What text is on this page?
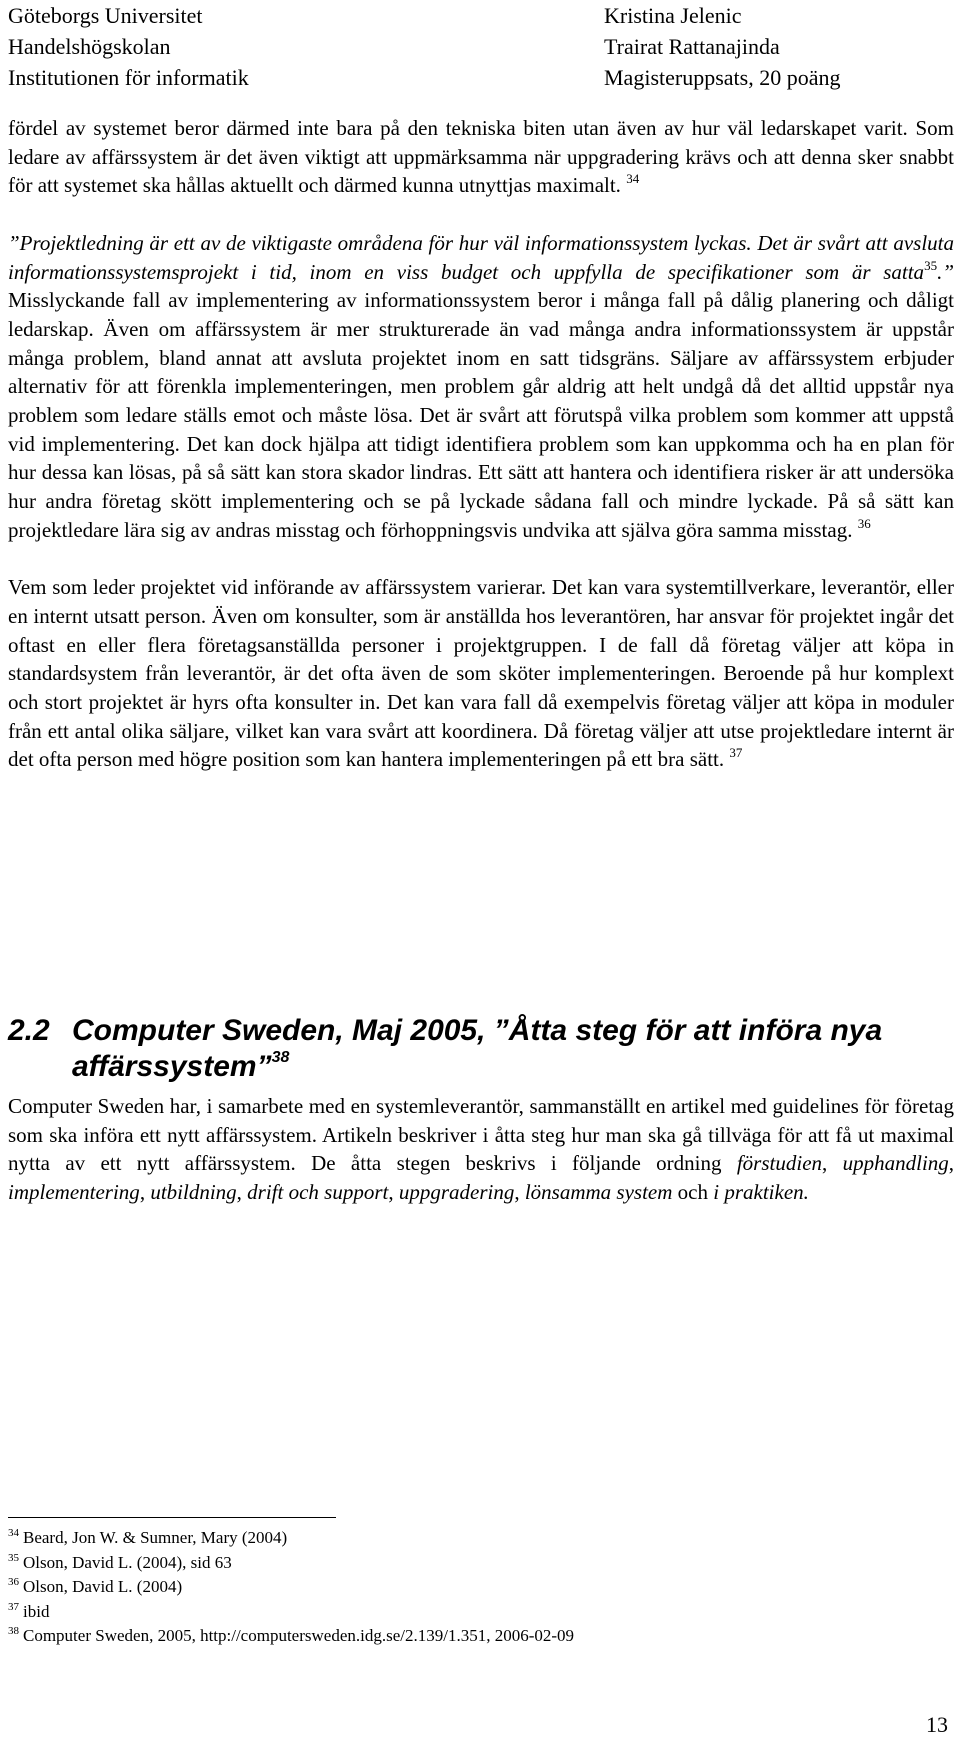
Göteborgs Universitet
Handelshögskolan
Institutionen för informatik
Kristina Jelenic
Trairat Rattanajinda
Magisteruppsats, 20 poäng

fördel av systemet beror därmed inte bara på den tekniska biten utan även av hur väl ledarskapet varit. Som ledare av affärssystem är det även viktigt att uppmärksamma när uppgradering krävs och att denna sker snabbt för att systemet ska hållas aktuellt och därmed kunna utnyttjas maximalt. $^{34}$

”Projektledning är ett av de viktigaste områdena för hur väl informationssystem lyckas. Det är svårt att avsluta informationssystemsprojekt i tid, inom en viss budget och uppfylla de specifikationer som är satta$^{35}$.” Misslyckande fall av implementering av informationssystem beror i många fall på dålig planering och dåligt ledarskap. Även om affärssystem är mer strukturerade än vad många andra informationssystem är uppstår många problem, bland annat att avsluta projektet inom en satt tidsgräns. Säljare av affärssystem erbjuder alternativ för att förenkla implementeringen, men problem går aldrig att helt undgå då det alltid uppstår nya problem som ledare ställs emot och måste lösa. Det är svårt att förutspå vilka problem som kommer att uppstå vid implementering. Det kan dock hjälpa att tidigt identifiera problem som kan uppkomma och ha en plan för hur dessa kan lösas, på så sätt kan stora skador lindras. Ett sätt att hantera och identifiera risker är att undersöka hur andra företag skött implementering och se på lyckade sådana fall och mindre lyckade. På så sätt kan projektledare lära sig av andras misstag och förhoppningsvis undvika att själva göra samma misstag. $^{36}$

Vem som leder projektet vid införande av affärssystem varierar. Det kan vara systemtillverkare, leverantör, eller en internt utsatt person. Även om konsulter, som är anställda hos leverantören, har ansvar för projektet ingår det oftast en eller flera företagsanställda personer i projektgruppen. I de fall då företag väljer att köpa in standardsystem från leverantör, är det ofta även de som sköter implementeringen. Beroende på hur komplext och stort projektet är hyrs ofta konsulter in. Det kan vara fall då exempelvis företag väljer att köpa in moduler från ett antal olika säljare, vilket kan vara svårt att koordinera. Då företag väljer att utse projektledare internt är det ofta person med högre position som kan hantera implementeringen på ett bra sätt. $^{37}$

2.2 Computer Sweden, Maj 2005, ”Åtta steg för att införa nya
affärssystem”$^{38}$

Computer Sweden har, i samarbete med en systemleverantör, sammanställt en artikel med guidelines för företag som ska införa ett nytt affärssystem. Artikeln beskriver i åtta steg hur man ska gå tillväga för att få ut maximal nytta av ett nytt affärssystem. De åtta stegen beskrivs i följande ordning förstudien, upphandling, implementering, utbildning, drift och support, uppgradering, lönsamma system och i praktiken.

$^{34}$ Beard, Jon W. & Sumner, Mary (2004)
$^{35}$ Olson, David L. (2004), sid 63
$^{36}$ Olson, David L. (2004)
$^{37}$ ibid
$^{38}$ Computer Sweden, 2005, http://computersweden.idg.se/2.139/1.351, 2006-02-09
13
